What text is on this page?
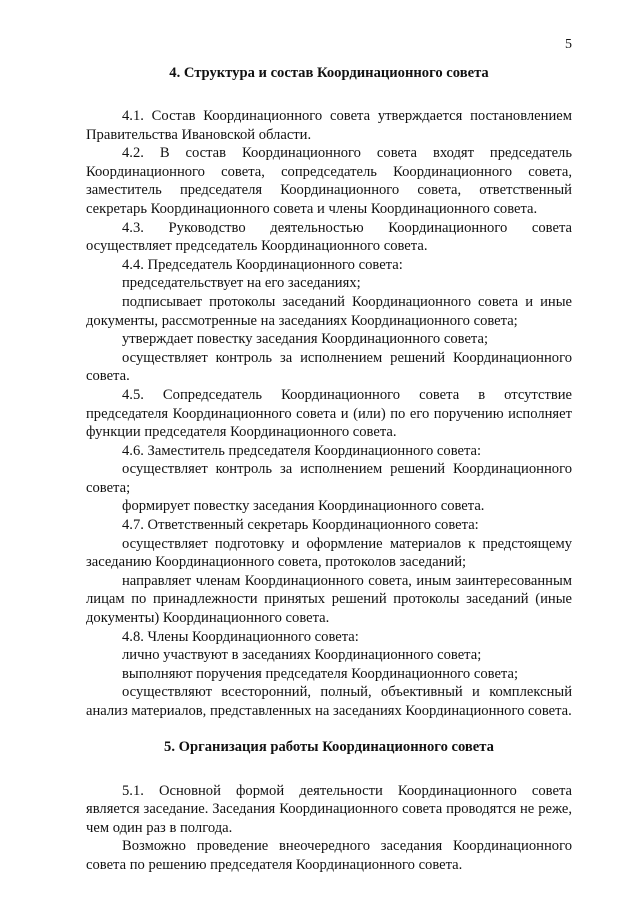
5
4. Структура и состав Координационного совета

4.1. Состав Координационного совета утверждается постановлением Правительства Ивановской области.

4.2. В состав Координационного совета входят председатель Координационного совета, сопредседатель Координационного совета, заместитель председателя Координационного совета, ответственный секретарь Координационного совета и члены Координационного совета.

4.3. Руководство деятельностью Координационного совета осуществляет председатель Координационного совета.

4.4. Председатель Координационного совета:

председательствует на его заседаниях;

подписывает протоколы заседаний Координационного совета и иные документы, рассмотренные на заседаниях Координационного совета;

утверждает повестку заседания Координационного совета;

осуществляет контроль за исполнением решений Координационного совета.

4.5. Сопредседатель Координационного совета в отсутствие председателя Координационного совета и (или) по его поручению исполняет функции председателя Координационного совета.

4.6. Заместитель председателя Координационного совета:

осуществляет контроль за исполнением решений Координационного совета;

формирует повестку заседания Координационного совета.

4.7. Ответственный секретарь Координационного совета:

осуществляет подготовку и оформление материалов к предстоящему заседанию Координационного совета, протоколов заседаний;

направляет членам Координационного совета, иным заинтересованным лицам по принадлежности принятых решений протоколы заседаний (иные документы) Координационного совета.

4.8. Члены Координационного совета:

лично участвуют в заседаниях Координационного совета;

выполняют поручения председателя Координационного совета;

осуществляют всесторонний, полный, объективный и комплексный анализ материалов, представленных на заседаниях Координационного совета.

5. Организация работы Координационного совета

5.1. Основной формой деятельности Координационного совета является заседание. Заседания Координационного совета проводятся не реже, чем один раз в полгода.

Возможно проведение внеочередного заседания Координационного совета по решению председателя Координационного совета.
